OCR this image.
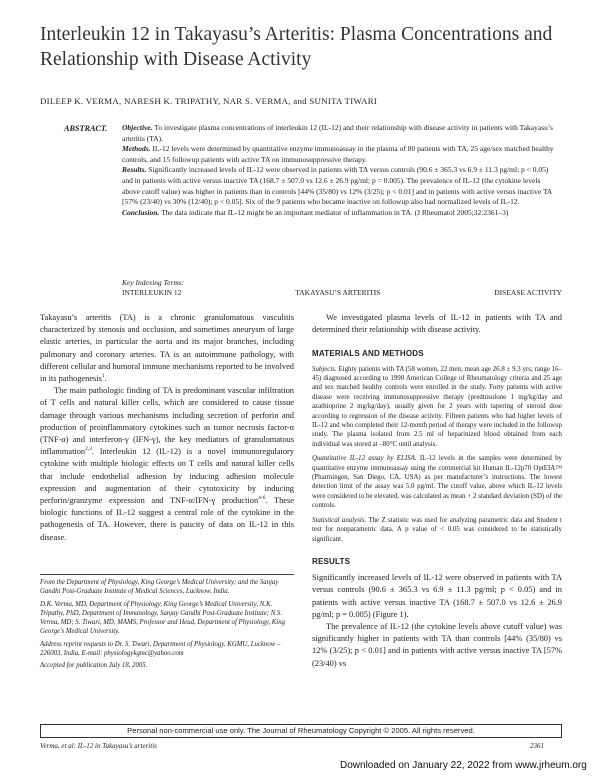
Interleukin 12 in Takayasu’s Arteritis: Plasma Concentrations and Relationship with Disease Activity
DILEEP K. VERMA, NARESH K. TRIPATHY, NAR S. VERMA, and SUNITA TIWARI
ABSTRACT. Objective. To investigate plasma concentrations of interleukin 12 (IL-12) and their relationship with disease activity in patients with Takayasu’s arteritis (TA).

Methods. IL-12 levels were determined by quantitative enzyme immunoassay in the plasma of 80 patients with TA, 25 age/sex matched healthy controls, and 15 followup patients with active TA on immunosuppressive therapy.

Results. Significantly increased levels of IL-12 were observed in patients with TA versus controls (90.6 ± 365.3 vs 6.9 ± 11.3 pg/ml; p < 0.05) and in patients with active versus inactive TA (168.7 ± 507.0 vs 12.6 ± 26.9 pg/ml; p = 0.005). The prevalence of IL-12 (the cytokine levels above cutoff value) was higher in patients than in controls [44% (35/80) vs 12% (3/25); p < 0.01] and in patients with active versus inactive TA [57% (23/40) vs 30% (12/40); p < 0.05]. Six of the 9 patients who became inactive on followup also had normalized levels of IL-12.

Conclusion. The data indicate that IL-12 might be an important mediator of inflammation in TA. (J Rheumatol 2005;32:2361–3)

Key Indexing Terms:
INTERLEUKIN 12	TAKAYASU’S ARTERITIS	DISEASE ACTIVITY

Takayasu’s arteritis (TA) is a chronic granulomatous vasculitis characterized by stenosis and occlusion, and sometimes aneurysm of large elastic arteries, in particular the aorta and its major branches, including pulmonary and coronary arteries. TA is an autoimmune pathology, with different cellular and humoral immune mechanisms reported to be involved in its pathogenesis$^1$.

The main pathologic finding of TA is predominant vascular infiltration of T cells and natural killer cells, which are considered to cause tissue damage through various mechanisms including secretion of perforin and production of proinflammatory cytokines such as tumor necrosis factor-α (TNF-α) and interferon-γ (IFN-γ), the key mediators of granulomatous inflammation$^{2,3}$. Interleukin 12 (IL-12) is a novel immunoregulatory cytokine with multiple biologic effects on T cells and natural killer cells that include endothelial adhesion by inducing adhesion molecule expression and augmentation of their cytotoxicity by inducing perforin/granzyme expression and TNF-α/IFN-γ production$^{4-6}$. These biologic functions of IL-12 suggest a central role of the cytokine in the pathogenesis of TA. However, there is paucity of data on IL-12 in this disease.

From the Department of Physiology, King George’s Medical University; and the Sanjay Gandhi Post-Graduate Institute of Medical Sciences, Lucknow, India.

D.K. Verma, MD, Department of Physiology, King George’s Medical University, N.K. Tripathy, PhD, Department of Immunology, Sanjay Gandhi Post-Graduate Institute; N.S. Verma, MD; S. Tiwari, MD, MAMS, Professor and Head, Department of Physiology, King George’s Medical University.

Address reprint requests to Dr. S. Tiwari, Department of Physiology, KGMU, Lucknow – 226003, India. E-mail: physiologykgmc@yahoo.com

Accepted for publication July 18, 2005.

We investigated plasma levels of IL-12 in patients with TA and determined their relationship with disease activity.

MATERIALS AND METHODS

Subjects. Eighty patients with TA (58 women, 22 men; mean age 26.8 ± 9.3 yrs; range 16–45) diagnosed according to 1990 American College of Rheumatology criteria and 25 age and sex matched healthy controls were enrolled in the study. Forty patients with active disease were receiving immunosuppressive therapy (prednisolone 1 mg/kg/day and azathioprine 2 mg/kg/day), usually given for 2 years with tapering of steroid dose according to regression of the disease activity. Fifteen patients who had higher levels of IL-12 and who completed their 12-month period of therapy were included in the followup study. The plasma isolated from 2.5 ml of heparinized blood obtained from each individual was stored at –80°C until analysis.

Quantitative IL-12 assay by ELISA. IL-12 levels in the samples were determined by quantitative enzyme immunoassay using the commercial kit Human IL-12p70 OptEIA™ (Pharmingen, San Diego, CA, USA) as per manufacturer’s instructions. The lowest detection limit of the assay was 5.0 pg/ml. The cutoff value, above which IL-12 levels were considered to be elevated, was calculated as mean + 2 standard deviation (SD) of the controls.

Statistical analysis. The Z statistic was used for analyzing parametric data and Student t test for nonparametric data. A p value of < 0.05 was considered to be statistically significant.

RESULTS

Significantly increased levels of IL-12 were observed in patients with TA versus controls (90.6 ± 365.3 vs 6.9 ± 11.3 pg/ml; p < 0.05) and in patients with active versus inactive TA (168.7 ± 507.0 vs 12.6 ± 26.9 pg/ml; p = 0.005) (Figure 1).

The prevalence of IL-12 (the cytokine levels above cutoff value) was significantly higher in patients with TA than controls [44% (35/80) vs 12% (3/25); p < 0.01] and in patients with active versus inactive TA [57% (23/40) vs

Personal non-commercial use only. The Journal of Rheumatology Copyright © 2005. All rights reserved.
Verma, et al: IL-12 in Takayasu’s arteritis	2361
Downloaded on January 22, 2022 from www.jrheum.org
